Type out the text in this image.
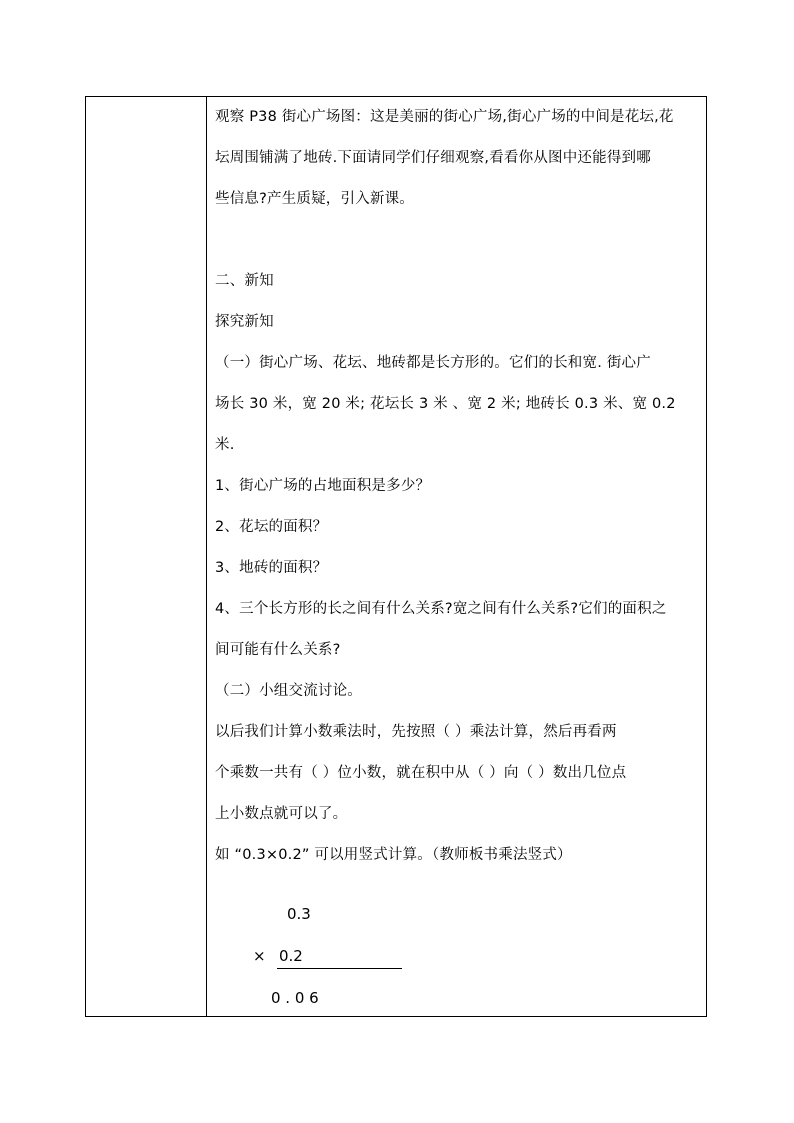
观察 P38 街心广场图：这是美丽的街心广场,街心广场的中间是花坛,花

坛周围铺满了地砖.下面请同学们仔细观察,看看你从图中还能得到哪

些信息?产生质疑，引入新课。

二、新知

探究新知

（一）街心广场、花坛、地砖都是长方形的。它们的长和宽. 街心广

场长 30 米，宽 20 米; 花坛长 3 米 、宽 2 米; 地砖长 0.3 米、宽 0.2

米.

1、街心广场的占地面积是多少？

2、花坛的面积？

3、地砖的面积？

4、三个长方形的长之间有什么关系?宽之间有什么关系?它们的面积之

间可能有什么关系?

（二）小组交流讨论。

以后我们计算小数乘法时，先按照（ ）乘法计算，然后再看两

个乘数一共有（ ）位小数，就在积中从（ ）向（ ）数出几位点

上小数点就可以了。

如 “0.3×0.2” 可以用竖式计算。（教师板书乘法竖式）

0.3
× 0.2
0 . 0 6
